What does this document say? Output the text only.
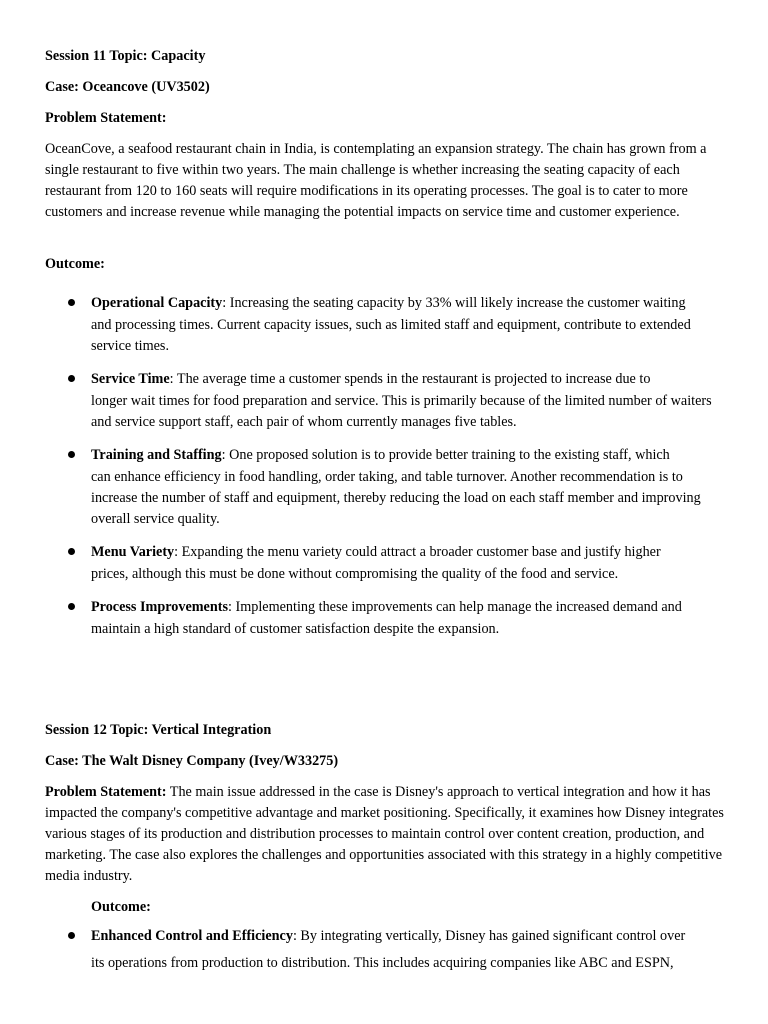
Session 11 Topic: Capacity
Case: Oceancove (UV3502)
Problem Statement:

OceanCove, a seafood restaurant chain in India, is contemplating an expansion strategy. The chain has grown from a single restaurant to five within two years. The main challenge is whether increasing the seating capacity of each restaurant from 120 to 160 seats will require modifications in its operating processes. The goal is to cater to more customers and increase revenue while managing the potential impacts on service time and customer experience.

Outcome:
Operational Capacity: Increasing the seating capacity by 33% will likely increase the customer waiting
and processing times. Current capacity issues, such as limited staff and equipment, contribute to extended service times.
Service Time: The average time a customer spends in the restaurant is projected to increase due to
longer wait times for food preparation and service. This is primarily because of the limited number of waiters and service support staff, each pair of whom currently manages five tables.
Training and Staffing: One proposed solution is to provide better training to the existing staff, which
can enhance efficiency in food handling, order taking, and table turnover. Another recommendation is to increase the number of staff and equipment, thereby reducing the load on each staff member and improving overall service quality.
Menu Variety: Expanding the menu variety could attract a broader customer base and justify higher
prices, although this must be done without compromising the quality of the food and service.
Process Improvements: Implementing these improvements can help manage the increased demand and
maintain a high standard of customer satisfaction despite the expansion.
Session 12 Topic: Vertical Integration
Case: The Walt Disney Company (Ivey/W33275)

Problem Statement: The main issue addressed in the case is Disney's approach to vertical integration and how it has impacted the company's competitive advantage and market positioning. Specifically, it examines how Disney integrates various stages of its production and distribution processes to maintain control over content creation, production, and marketing. The case also explores the challenges and opportunities associated with this strategy in a highly competitive media industry.

Outcome:
Enhanced Control and Efficiency: By integrating vertically, Disney has gained significant control over
its operations from production to distribution. This includes acquiring companies like ABC and ESPN,
